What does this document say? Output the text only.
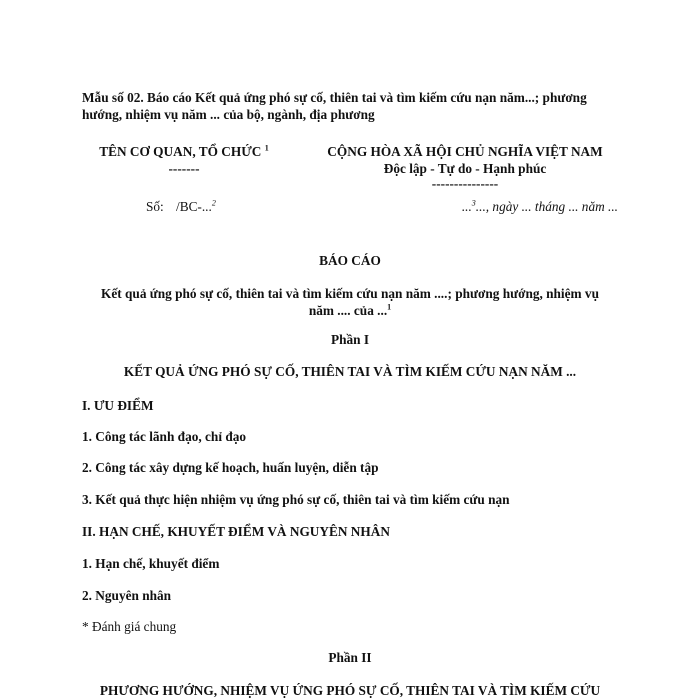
Mẫu số 02. Báo cáo Kết quả ứng phó sự cố, thiên tai và tìm kiếm cứu nạn năm...; phương hướng, nhiệm vụ năm ... của bộ, ngành, địa phương
TÊN CƠ QUAN, TỔ CHỨC $^1$
-------
CỘNG HÒA XÃ HỘI CHỦ NGHĨA VIỆT NAM
Độc lập - Tự do - Hạnh phúc
---------------
Số: /BC-...$^2$	...$^3$..., ngày ... tháng ... năm ...
BÁO CÁO
Kết quả ứng phó sự cố, thiên tai và tìm kiếm cứu nạn năm ....; phương hướng, nhiệm vụ năm .... của ...$^1$
Phần I
KẾT QUẢ ỨNG PHÓ SỰ CỐ, THIÊN TAI VÀ TÌM KIẾM CỨU NẠN NĂM ...
I. ƯU ĐIỂM
1. Công tác lãnh đạo, chỉ đạo
2. Công tác xây dựng kế hoạch, huấn luyện, diễn tập
3. Kết quả thực hiện nhiệm vụ ứng phó sự cố, thiên tai và tìm kiếm cứu nạn
II. HẠN CHẾ, KHUYẾT ĐIỂM VÀ NGUYÊN NHÂN
1. Hạn chế, khuyết điểm
2. Nguyên nhân
* Đánh giá chung
Phần II
PHƯƠNG HƯỚNG, NHIỆM VỤ ỨNG PHÓ SỰ CỐ, THIÊN TAI VÀ TÌM KIẾM CỨU
